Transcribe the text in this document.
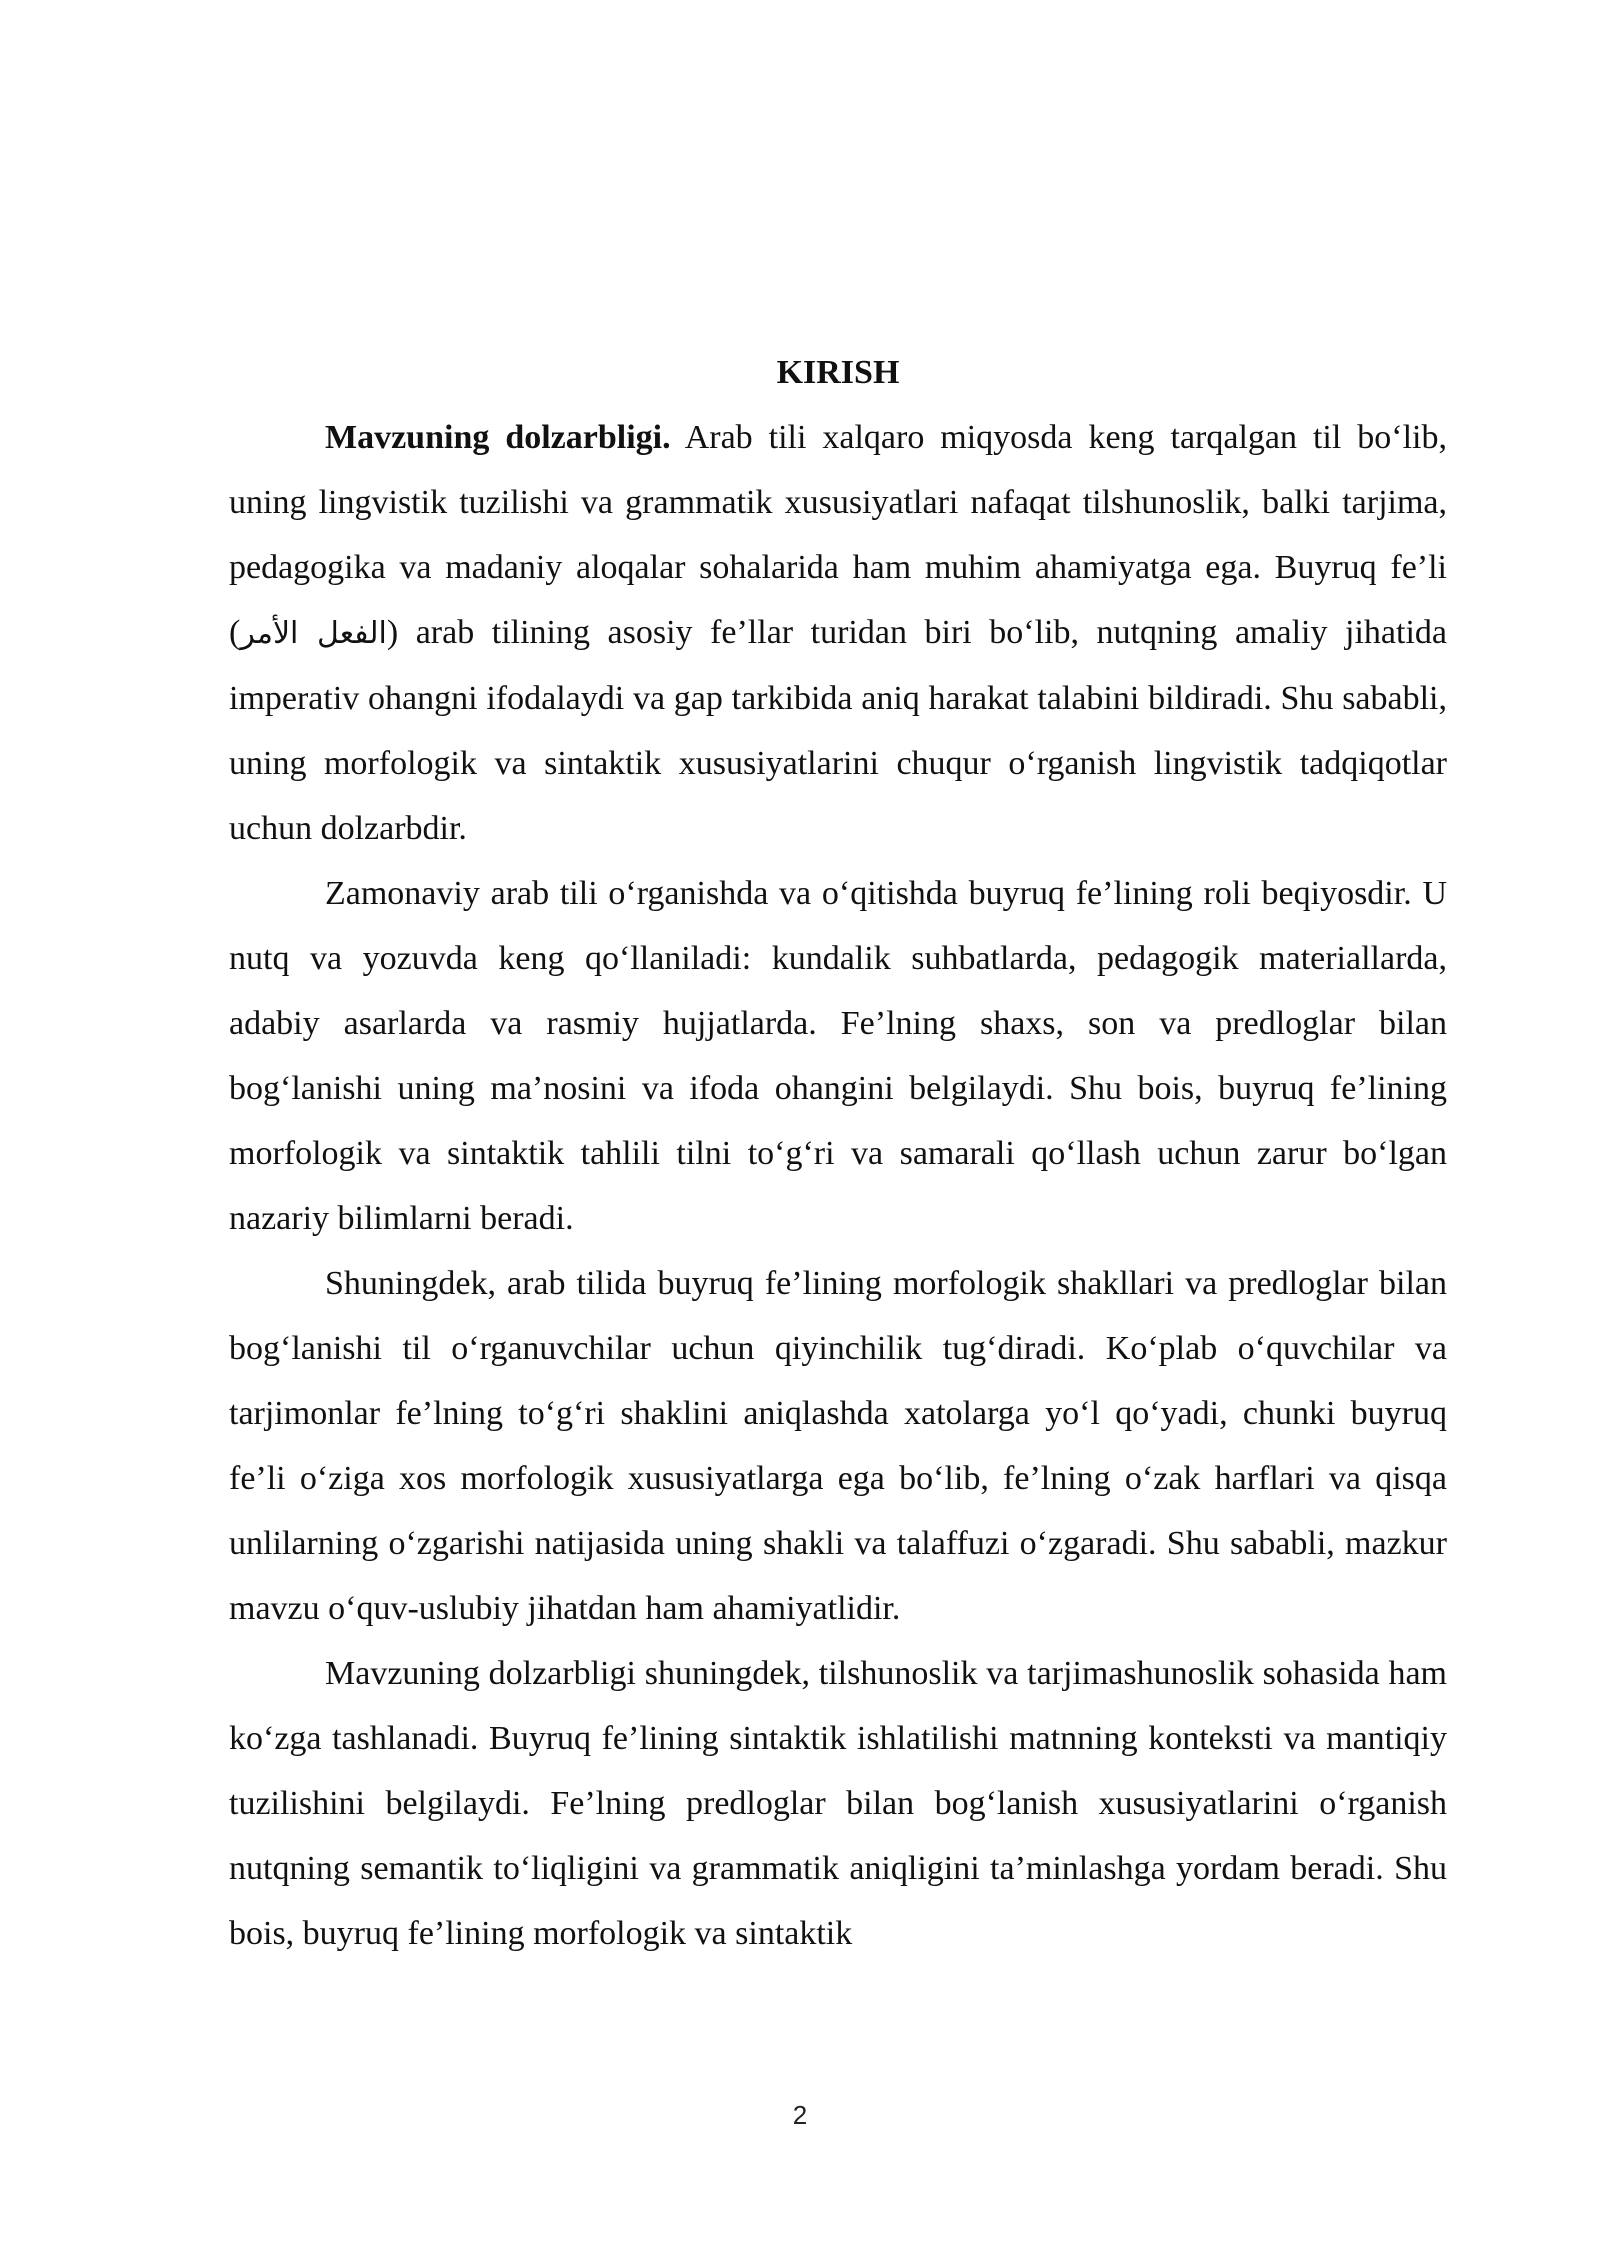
KIRISH

Mavzuning dolzarbligi. Arab tili xalqaro miqyosda keng tarqalgan til bo‘lib, uning lingvistik tuzilishi va grammatik xususiyatlari nafaqat tilshunoslik, balki tarjima, pedagogika va madaniy aloqalar sohalarida ham muhim ahamiyatga ega. Buyruq fe’li (الفعل الأمر) arab tilining asosiy fe’llar turidan biri bo‘lib, nutqning amaliy jihatida imperativ ohangni ifodalaydi va gap tarkibida aniq harakat talabini bildiradi. Shu sababli, uning morfologik va sintaktik xususiyatlarini chuqur o‘rganish lingvistik tadqiqotlar uchun dolzarbdir.

Zamonaviy arab tili o‘rganishda va o‘qitishda buyruq fe’lining roli beqiyosdir. U nutq va yozuvda keng qo‘llaniladi: kundalik suhbatlarda, pedagogik materiallarda, adabiy asarlarda va rasmiy hujjatlarda. Fe’lning shaxs, son va predloglar bilan bog‘lanishi uning ma’nosini va ifoda ohangini belgilaydi. Shu bois, buyruq fe’lining morfologik va sintaktik tahlili tilni to‘g‘ri va samarali qo‘llash uchun zarur bo‘lgan nazariy bilimlarni beradi.

Shuningdek, arab tilida buyruq fe’lining morfologik shakllari va predloglar bilan bog‘lanishi til o‘rganuvchilar uchun qiyinchilik tug‘diradi. Ko‘plab o‘quvchilar va tarjimonlar fe’lning to‘g‘ri shaklini aniqlashda xatolarga yo‘l qo‘yadi, chunki buyruq fe’li o‘ziga xos morfologik xususiyatlarga ega bo‘lib, fe’lning o‘zak harflari va qisqa unlilarning o‘zgarishi natijasida uning shakli va talaffuzi o‘zgaradi. Shu sababli, mazkur mavzu o‘quv-uslubiy jihatdan ham ahamiyatlidir.

Mavzuning dolzarbligi shuningdek, tilshunoslik va tarjimashunoslik sohasida ham ko‘zga tashlanadi. Buyruq fe’lining sintaktik ishlatilishi matnning konteksti va mantiqiy tuzilishini belgilaydi. Fe’lning predloglar bilan bog‘lanish xususiyatlarini o‘rganish nutqning semantik to‘liqligini va grammatik aniqligini ta’minlashga yordam beradi. Shu bois, buyruq fe’lining morfologik va sintaktik

2
